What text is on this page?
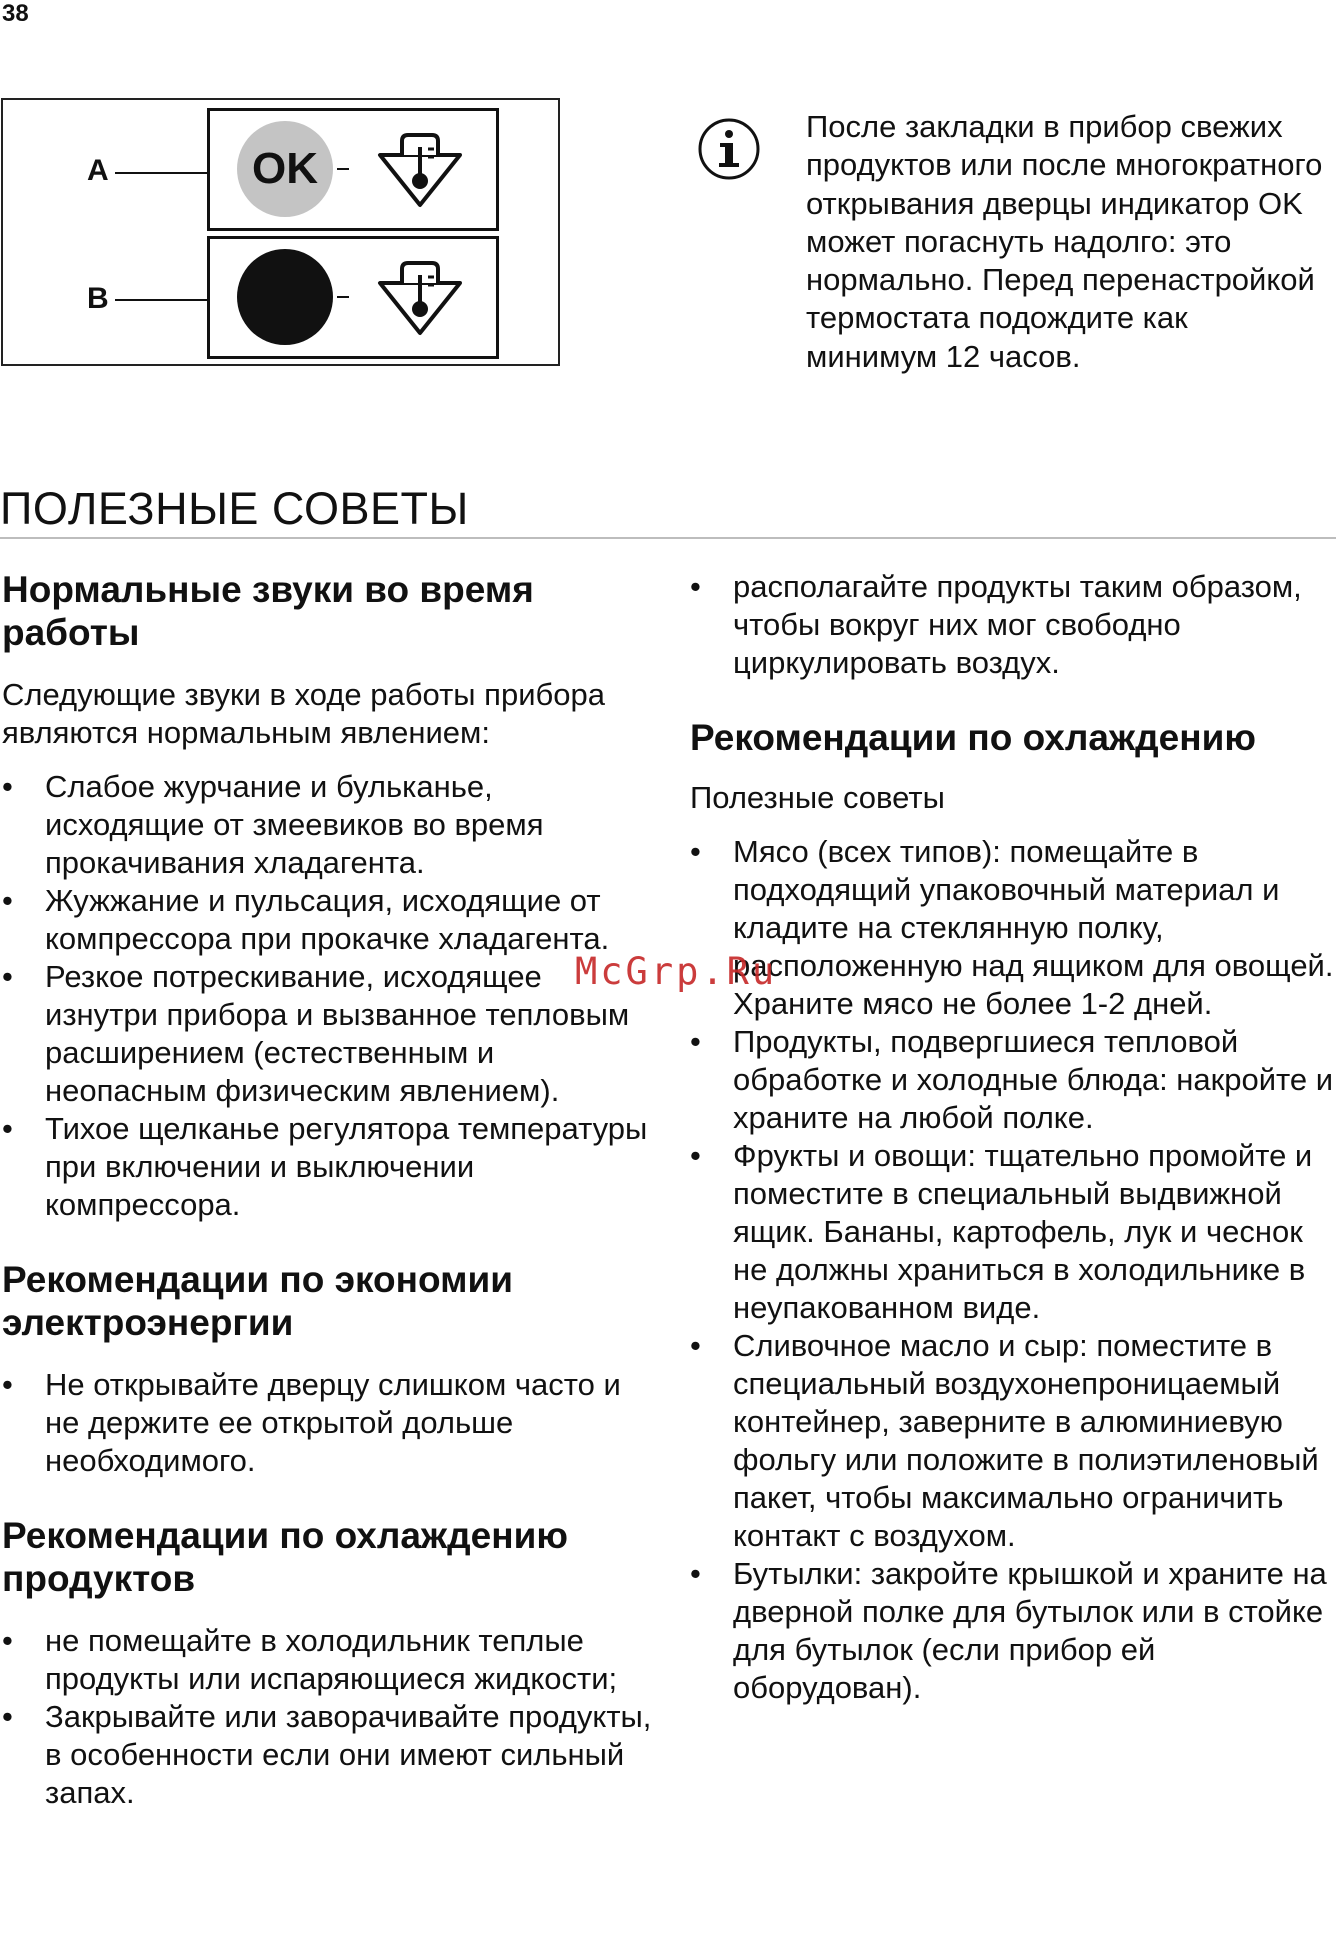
38
A
B
OK
После закладки в прибор свежих продуктов или после многократного открывания дверцы индикатор OK может погаснуть надолго: это нормально. Перед перенастройкой термостата подождите как минимум 12 часов.
ПОЛЕЗНЫЕ СОВЕТЫ
Нормальные звуки во время работы

Следующие звуки в ходе работы прибора являются нормальным явлением:

• Слабое журчание и бульканье, исходящие от змеевиков во время прокачивания хладагента.
• Жужжание и пульсация, исходящие от компрессора при прокачке хладагента.
• Резкое потрескивание, исходящее изнутри прибора и вызванное тепловым расширением (естественным и неопасным физическим явлением).
• Тихое щелканье регулятора температуры при включении и выключении компрессора.
Рекомендации по экономии электроэнергии
• Не открывайте дверцу слишком часто и не держите ее открытой дольше необходимого.
Рекомендации по охлаждению продуктов
• не помещайте в холодильник теплые продукты или испаряющиеся жидкости;
• Закрывайте или заворачивайте продукты, в особенности если они имеют сильный запах.
• располагайте продукты таким образом, чтобы вокруг них мог свободно циркулировать воздух.
Рекомендации по охлаждению

Полезные советы

• Мясо (всех типов): помещайте в подходящий упаковочный материал и кладите на стеклянную полку, расположенную над ящиком для овощей. Храните мясо не более 1-2 дней.
• Продукты, подвергшиеся тепловой обработке и холодные блюда: накройте и храните на любой полке.
• Фрукты и овощи: тщательно промойте и поместите в специальный выдвижной ящик. Бананы, картофель, лук и чеснок не должны храниться в холодильнике в неупакованном виде.
• Сливочное масло и сыр: поместите в специальный воздухонепроницаемый контейнер, заверните в алюминиевую фольгу или положите в полиэтиленовый пакет, чтобы максимально ограничить контакт с воздухом.
• Бутылки: закройте крышкой и храните на дверной полке для бутылок или в стойке для бутылок (если прибор ей оборудован).
McGrp.Ru
